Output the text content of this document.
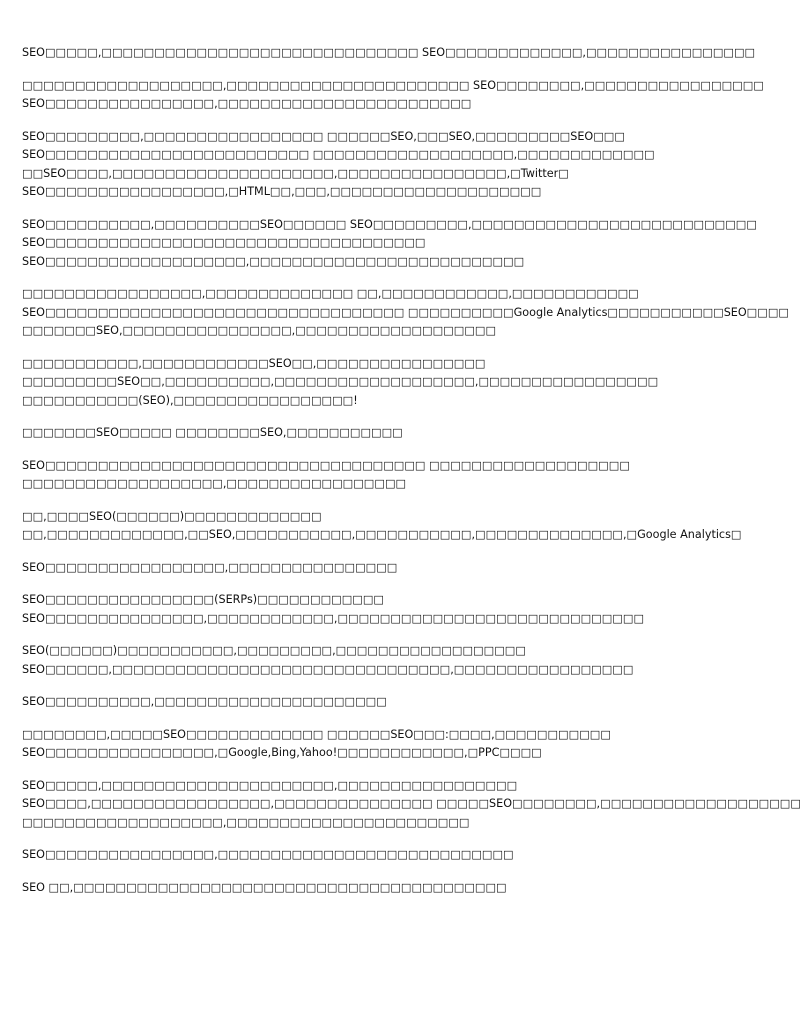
SEO□□□□□,□□□□□□□□□□□□□□□□□□□□□□□□□□□□□□ SEO□□□□□□□□□□□□□,□□□□□□□□□□□□□□□□
□□□□□□□□□□□□□□□□□□□,□□□□□□□□□□□□□□□□□□□□□□□ SEO□□□□□□□□,□□□□□□□□□□□□□□□□□
SEO□□□□□□□□□□□□□□□□,□□□□□□□□□□□□□□□□□□□□□□□□
SEO□□□□□□□□□,□□□□□□□□□□□□□□□□□ □□□□□□SEO,□□□SEO,□□□□□□□□□SEO□□□
SEO□□□□□□□□□□□□□□□□□□□□□□□□□ □□□□□□□□□□□□□□□□□□□,□□□□□□□□□□□□□
□□SEO□□□□,□□□□□□□□□□□□□□□□□□□□□,□□□□□□□□□□□□□□□□,□Twitter□
SEO□□□□□□□□□□□□□□□□□,□HTML□□,□□□,□□□□□□□□□□□□□□□□□□□□
SEO□□□□□□□□□□,□□□□□□□□□□SEO□□□□□□ SEO□□□□□□□□□,□□□□□□□□□□□□□□□□□□□□□□□□□□□
SEO□□□□□□□□□□□□□□□□□□□□□□□□□□□□□□□□□□□□
SEO□□□□□□□□□□□□□□□□□□□,□□□□□□□□□□□□□□□□□□□□□□□□□□
□□□□□□□□□□□□□□□□□,□□□□□□□□□□□□□□ □□,□□□□□□□□□□□□,□□□□□□□□□□□□
SEO□□□□□□□□□□□□□□□□□□□□□□□□□□□□□□□□□□ □□□□□□□□□□Google Analytics□□□□□□□□□□□SEO□□□□
□□□□□□□SEO,□□□□□□□□□□□□□□□□,□□□□□□□□□□□□□□□□□□□
□□□□□□□□□□□,□□□□□□□□□□□□SEO□□,□□□□□□□□□□□□□□□□
□□□□□□□□□SEO□□,□□□□□□□□□□,□□□□□□□□□□□□□□□□□□□,□□□□□□□□□□□□□□□□□
□□□□□□□□□□□(SEO),□□□□□□□□□□□□□□□□□!
□□□□□□□SEO□□□□□ □□□□□□□□SEO,□□□□□□□□□□□
SEO□□□□□□□□□□□□□□□□□□□□□□□□□□□□□□□□□□□□ □□□□□□□□□□□□□□□□□□□
□□□□□□□□□□□□□□□□□□□,□□□□□□□□□□□□□□□□□
□□,□□□□SEO(□□□□□□)□□□□□□□□□□□□□
□□,□□□□□□□□□□□□□,□□SEO,□□□□□□□□□□□,□□□□□□□□□□□,□□□□□□□□□□□□□□,□Google Analytics□
SEO□□□□□□□□□□□□□□□□□,□□□□□□□□□□□□□□□□
SEO□□□□□□□□□□□□□□□□(SERPs)□□□□□□□□□□□□
SEO□□□□□□□□□□□□□□□,□□□□□□□□□□□□,□□□□□□□□□□□□□□□□□□□□□□□□□□□□□
SEO(□□□□□□)□□□□□□□□□□□,□□□□□□□□□,□□□□□□□□□□□□□□□□□□
SEO□□□□□□,□□□□□□□□□□□□□□□□□□□□□□□□□□□□□□□□,□□□□□□□□□□□□□□□□□
SEO□□□□□□□□□□,□□□□□□□□□□□□□□□□□□□□□□
□□□□□□□□,□□□□□SEO□□□□□□□□□□□□□ □□□□□□SEO□□□:□□□□,□□□□□□□□□□□
SEO□□□□□□□□□□□□□□□□,□Google,Bing,Yahoo!□□□□□□□□□□□□,□PPC□□□□
SEO□□□□□,□□□□□□□□□□□□□□□□□□□□□□,□□□□□□□□□□□□□□□□□
SEO□□□□,□□□□□□□□□□□□□□□□□,□□□□□□□□□□□□□□□ □□□□□SEO□□□□□□□□,□□□□□□□□□□□□□□□□□□□
□□□□□□□□□□□□□□□□□□□,□□□□□□□□□□□□□□□□□□□□□□□
SEO□□□□□□□□□□□□□□□□,□□□□□□□□□□□□□□□□□□□□□□□□□□□□
SEO □□,□□□□□□□□□□□□□□□□□□□□□□□□□□□□□□□□□□□□□□□□□
